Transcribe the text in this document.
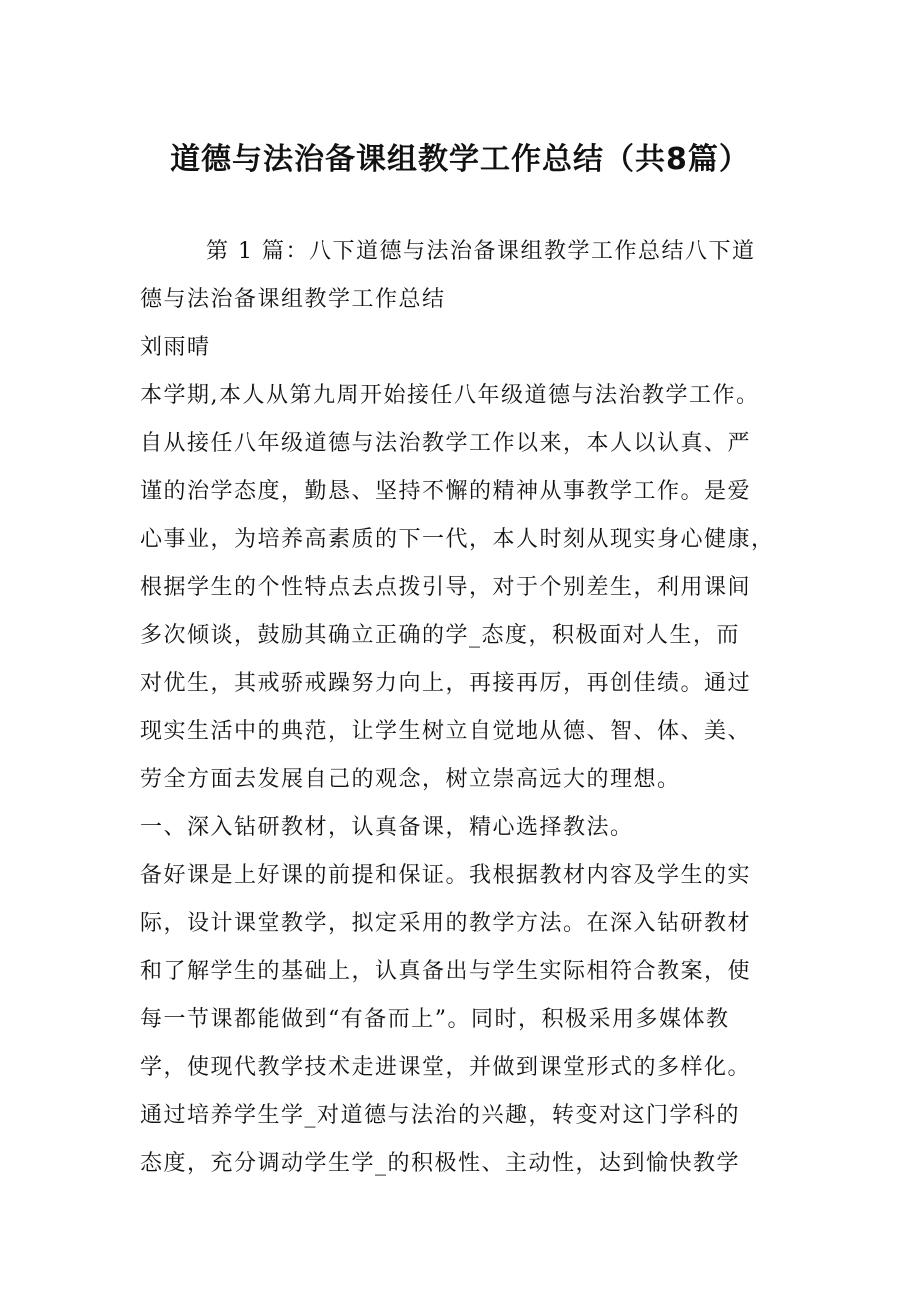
道德与法治备课组教学工作总结（共8篇）
第 1 篇：八下道德与法治备课组教学工作总结八下道
德与法治备课组教学工作总结
刘雨晴
本学期,本人从第九周开始接任八年级道德与法治教学工作。
自从接任八年级道德与法治教学工作以来，本人以认真、严
谨的治学态度，勤恳、坚持不懈的精神从事教学工作。是爱
心事业，为培养高素质的下一代，本人时刻从现实身心健康，
根据学生的个性特点去点拨引导，对于个别差生，利用课间
多次倾谈，鼓励其确立正确的学_态度，积极面对人生，而
对优生，其戒骄戒躁努力向上，再接再厉，再创佳绩。通过
现实生活中的典范，让学生树立自觉地从德、智、体、美、
劳全方面去发展自己的观念，树立崇高远大的理想。
一、深入钻研教材，认真备课，精心选择教法。
备好课是上好课的前提和保证。我根据教材内容及学生的实
际，设计课堂教学，拟定采用的教学方法。在深入钻研教材
和了解学生的基础上，认真备出与学生实际相符合教案，使
每一节课都能做到“有备而上”。同时，积极采用多媒体教
学，使现代教学技术走进课堂，并做到课堂形式的多样化。
通过培养学生学_对道德与法治的兴趣，转变对这门学科的
态度，充分调动学生学_的积极性、主动性，达到愉快教学
